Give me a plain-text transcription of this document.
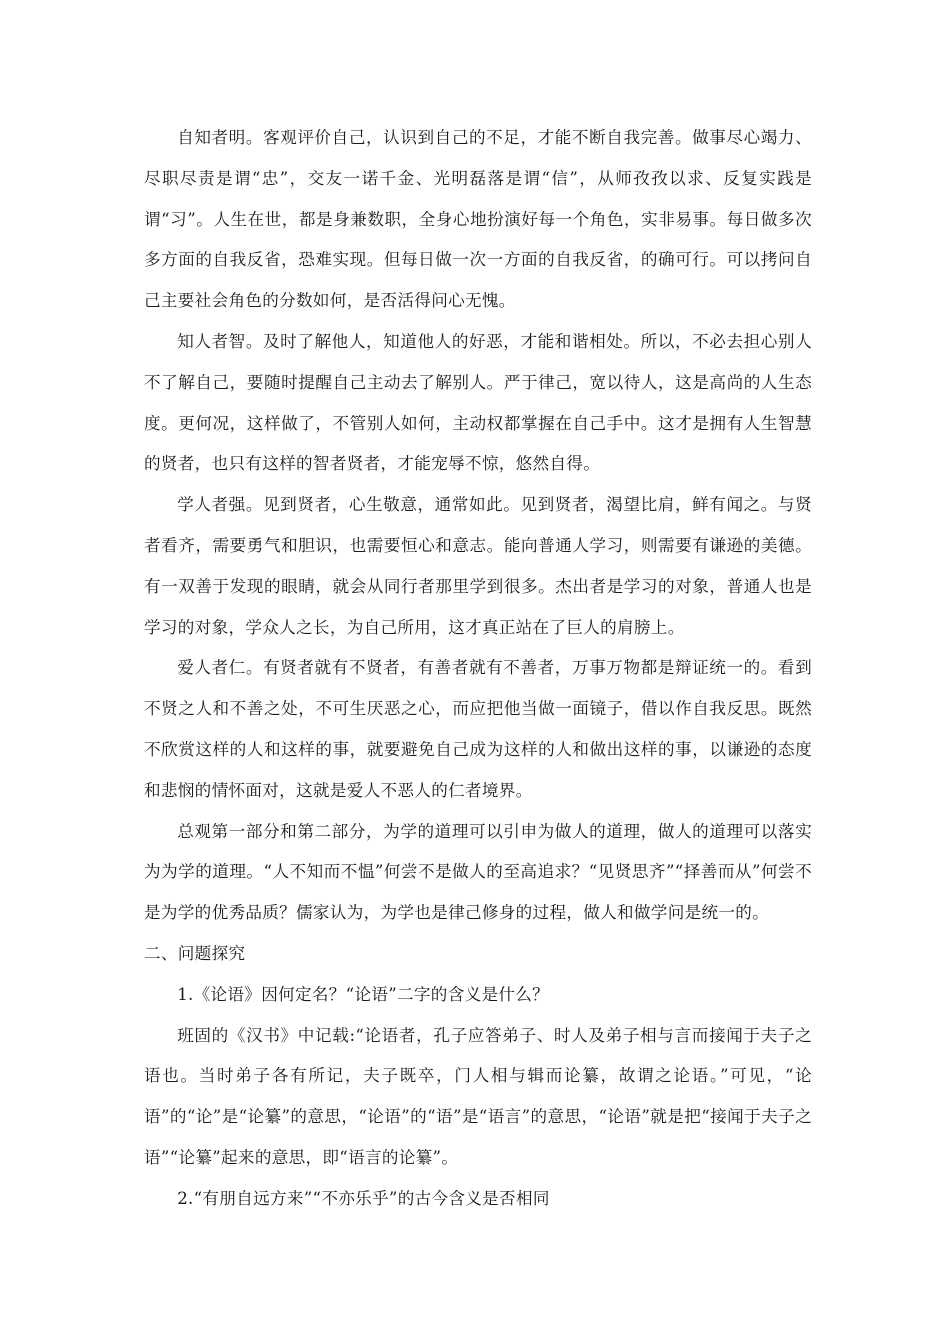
自知者明。客观评价自己，认识到自己的不足，才能不断自我完善。做事尽心竭力、尽职尽责是谓“忠”，交友一诺千金、光明磊落是谓“信”，从师孜孜以求、反复实践是谓“习”。人生在世，都是身兼数职，全身心地扮演好每一个角色，实非易事。每日做多次多方面的自我反省，恐难实现。但每日做一次一方面的自我反省，的确可行。可以拷问自己主要社会角色的分数如何，是否活得问心无愧。

知人者智。及时了解他人，知道他人的好恶，才能和谐相处。所以，不必去担心别人不了解自己，要随时提醒自己主动去了解别人。严于律己，宽以待人，这是高尚的人生态度。更何况，这样做了，不管别人如何，主动权都掌握在自己手中。这才是拥有人生智慧的贤者，也只有这样的智者贤者，才能宠辱不惊，悠然自得。

学人者强。见到贤者，心生敬意，通常如此。见到贤者，渴望比肩，鲜有闻之。与贤者看齐，需要勇气和胆识，也需要恒心和意志。能向普通人学习，则需要有谦逊的美德。有一双善于发现的眼睛，就会从同行者那里学到很多。杰出者是学习的对象，普通人也是学习的对象，学众人之长，为自己所用，这才真正站在了巨人的肩膀上。

爱人者仁。有贤者就有不贤者，有善者就有不善者，万事万物都是辩证统一的。看到不贤之人和不善之处，不可生厌恶之心，而应把他当做一面镜子，借以作自我反思。既然不欣赏这样的人和这样的事，就要避免自己成为这样的人和做出这样的事，以谦逊的态度和悲悯的情怀面对，这就是爱人不恶人的仁者境界。

总观第一部分和第二部分，为学的道理可以引申为做人的道理，做人的道理可以落实为为学的道理。“人不知而不愠”何尝不是做人的至高追求？“见贤思齐”“择善而从”何尝不是为学的优秀品质？儒家认为，为学也是律己修身的过程，做人和做学问是统一的。

二、问题探究

1.《论语》因何定名？“论语”二字的含义是什么？

班固的《汉书》中记载:“论语者，孔子应答弟子、时人及弟子相与言而接闻于夫子之语也。当时弟子各有所记，夫子既卒，门人相与辑而论纂，故谓之论语。”可见，“论语”的“论”是“论纂”的意思，“论语”的“语”是“语言”的意思，“论语”就是把“接闻于夫子之语”“论纂”起来的意思，即“语言的论纂”。

2.“有朋自远方来”“不亦乐乎”的古今含义是否相同
